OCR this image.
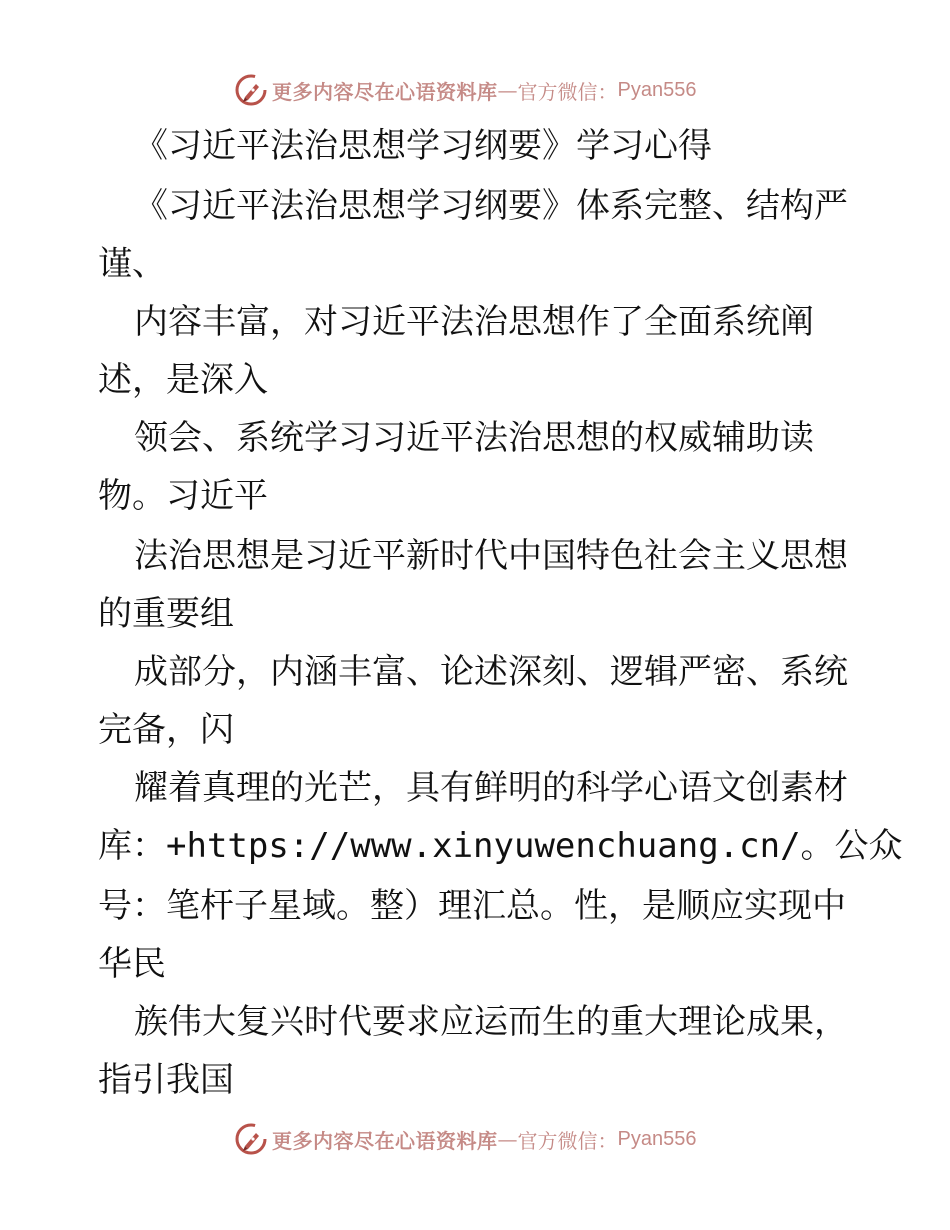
更多内容尽在心语资料库 — 官方微信： Pyan556
《习近平法治思想学习纲要》学习心得
《习近平法治思想学习纲要》体系完整、结构严
谨、
内容丰富，对习近平法治思想作了全面系统阐
述，是深入
领会、系统学习习近平法治思想的权威辅助读
物。习近平
法治思想是习近平新时代中国特色社会主义思想
的重要组
成部分，内涵丰富、论述深刻、逻辑严密、系统
完备，闪
耀着真理的光芒，具有鲜明的科学心语文创素材
库：+https://www.xinyuwenchuang.cn/。公众
号：笔杆子星域。整）理汇总。性，是顺应实现中
华民
族伟大复兴时代要求应运而生的重大理论成果，
指引我国
更多内容尽在心语资料库 — 官方微信： Pyan556
